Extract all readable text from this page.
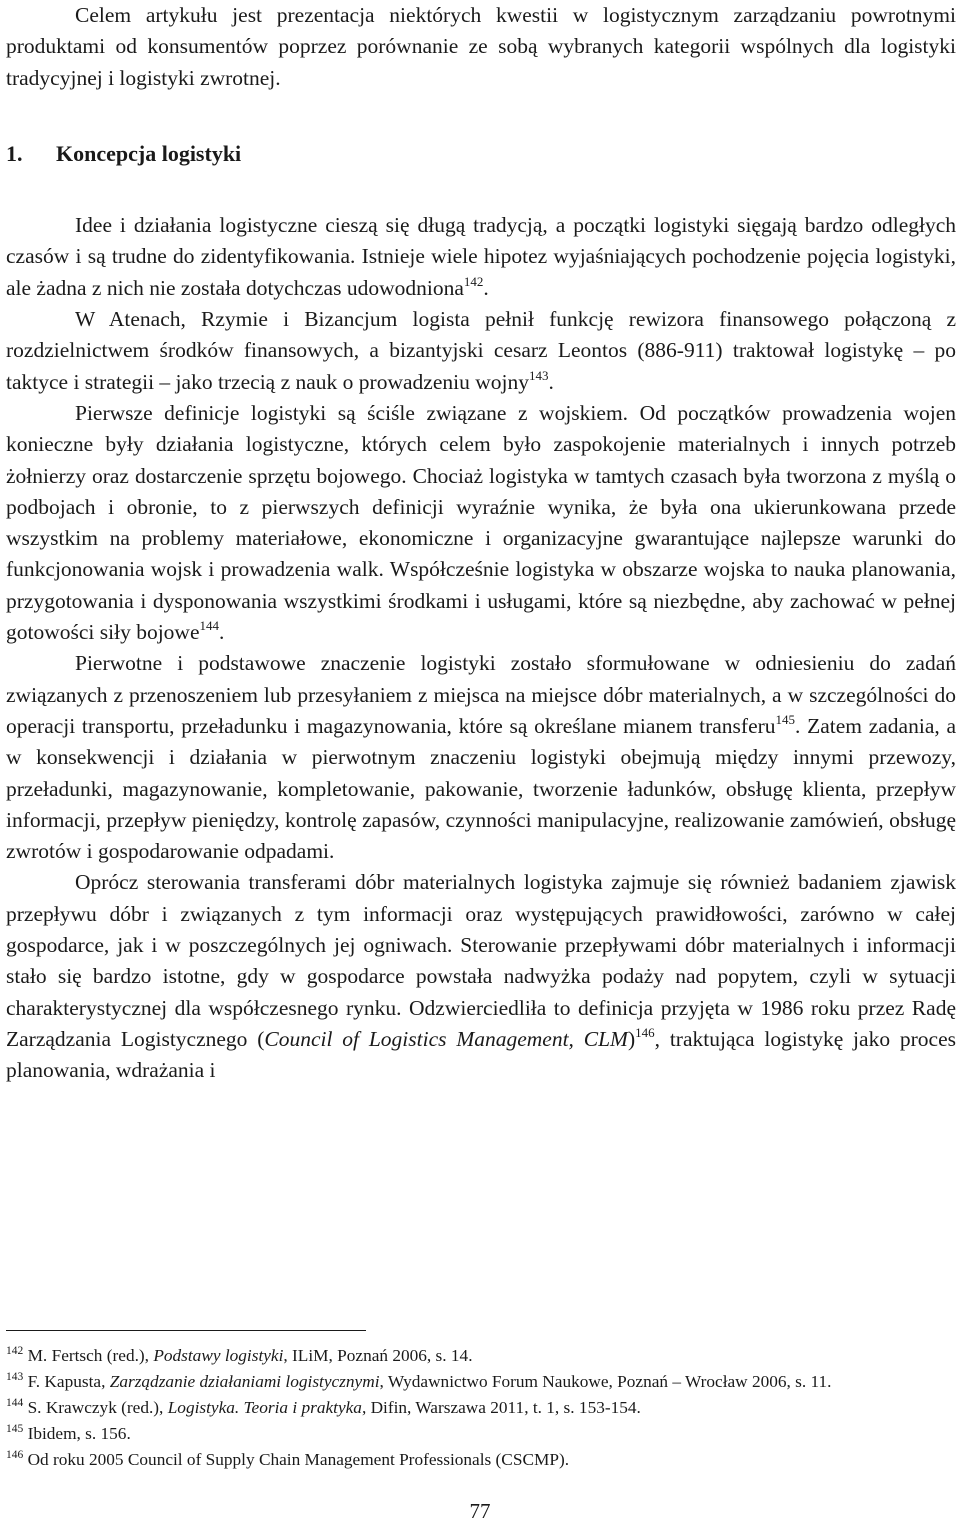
Celem artykułu jest prezentacja niektórych kwestii w logistycznym zarządzaniu powrotnymi produktami od konsumentów poprzez porównanie ze sobą wybranych kategorii wspólnych dla logistyki tradycyjnej i logistyki zwrotnej.

1. Koncepcja logistyki

Idee i działania logistyczne cieszą się długą tradycją, a początki logistyki sięgają bardzo odległych czasów i są trudne do zidentyfikowania. Istnieje wiele hipotez wyjaśniających pochodzenie pojęcia logistyki, ale żadna z nich nie została dotychczas udowodniona$^{142}$.

W Atenach, Rzymie i Bizancjum logista pełnił funkcję rewizora finansowego połączoną z rozdzielnictwem środków finansowych, a bizantyjski cesarz Leontos (886-911) traktował logistykę – po taktyce i strategii – jako trzecią z nauk o prowadzeniu wojny$^{143}$.

Pierwsze definicje logistyki są ściśle związane z wojskiem. Od początków prowadzenia wojen konieczne były działania logistyczne, których celem było zaspokojenie materialnych i innych potrzeb żołnierzy oraz dostarczenie sprzętu bojowego. Chociaż logistyka w tamtych czasach była tworzona z myślą o podbojach i obronie, to z pierwszych definicji wyraźnie wynika, że była ona ukierunkowana przede wszystkim na problemy materiałowe, ekonomiczne i organizacyjne gwarantujące najlepsze warunki do funkcjonowania wojsk i prowadzenia walk. Współcześnie logistyka w obszarze wojska to nauka planowania, przygotowania i dysponowania wszystkimi środkami i usługami, które są niezbędne, aby zachować w pełnej gotowości siły bojowe$^{144}$.

Pierwotne i podstawowe znaczenie logistyki zostało sformułowane w odniesieniu do zadań związanych z przenoszeniem lub przesyłaniem z miejsca na miejsce dóbr materialnych, a w szczególności do operacji transportu, przeładunku i magazynowania, które są określane mianem transferu$^{145}$. Zatem zadania, a w konsekwencji i działania w pierwotnym znaczeniu logistyki obejmują między innymi przewozy, przeładunki, magazynowanie, kompletowanie, pakowanie, tworzenie ładunków, obsługę klienta, przepływ informacji, przepływ pieniędzy, kontrolę zapasów, czynności manipulacyjne, realizowanie zamówień, obsługę zwrotów i gospodarowanie odpadami.

Oprócz sterowania transferami dóbr materialnych logistyka zajmuje się również badaniem zjawisk przepływu dóbr i związanych z tym informacji oraz występujących prawidłowości, zarówno w całej gospodarce, jak i w poszczególnych jej ogniwach. Sterowanie przepływami dóbr materialnych i informacji stało się bardzo istotne, gdy w gospodarce powstała nadwyżka podaży nad popytem, czyli w sytuacji charakterystycznej dla współczesnego rynku. Odzwierciedliła to definicja przyjęta w 1986 roku przez Radę Zarządzania Logistycznego (Council of Logistics Management, CLM)$^{146}$, traktująca logistykę jako proces planowania, wdrażania i

$^{142}$ M. Fertsch (red.), Podstawy logistyki, ILiM, Poznań 2006, s. 14.

$^{143}$ F. Kapusta, Zarządzanie działaniami logistycznymi, Wydawnictwo Forum Naukowe, Poznań – Wrocław 2006, s. 11.

$^{144}$ S. Krawczyk (red.), Logistyka. Teoria i praktyka, Difin, Warszawa 2011, t. 1, s. 153-154.

$^{145}$ Ibidem, s. 156.

$^{146}$ Od roku 2005 Council of Supply Chain Management Professionals (CSCMP).

77
